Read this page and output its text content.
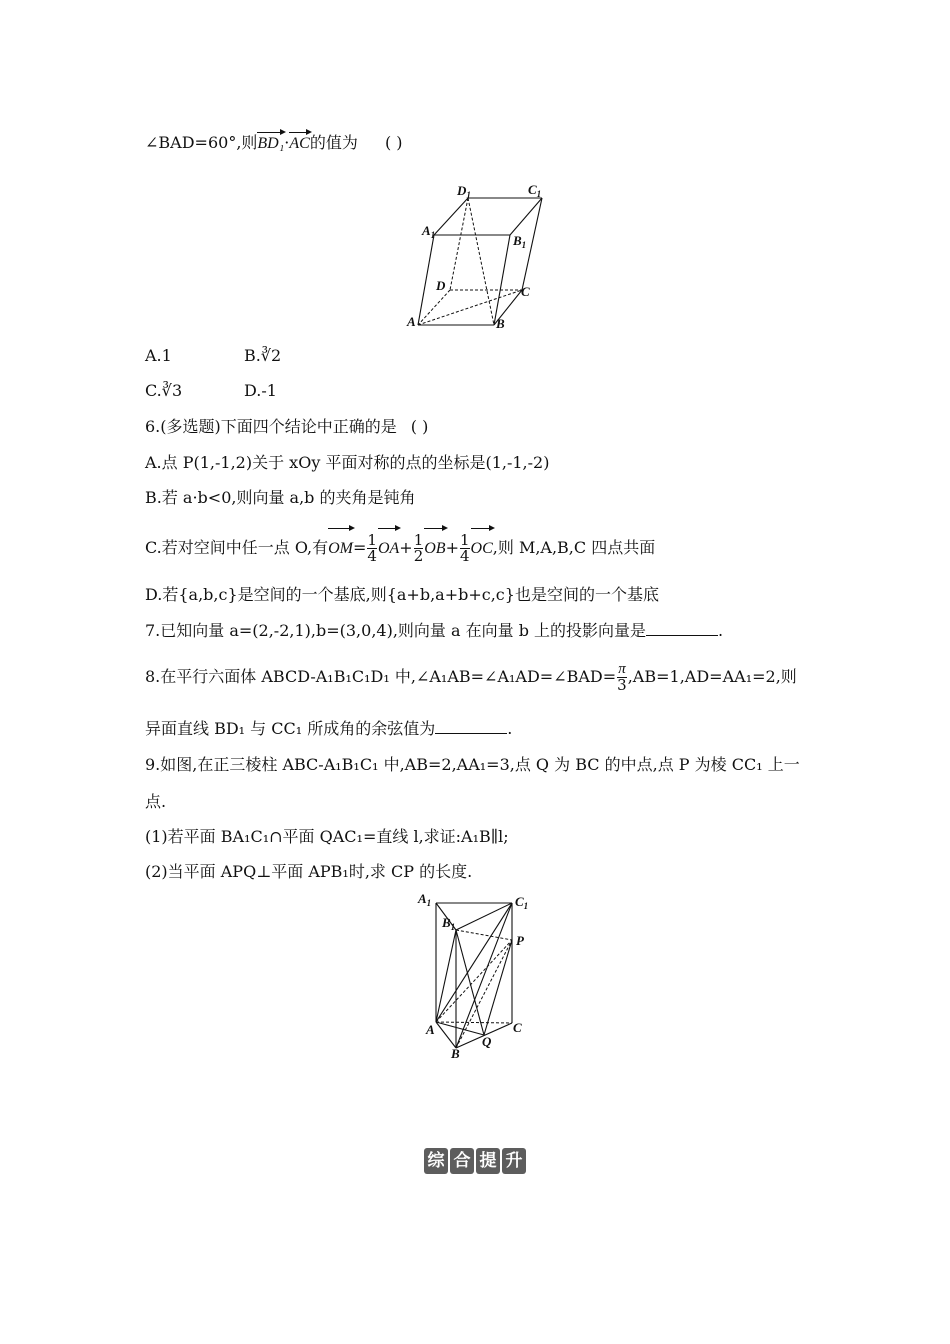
∠BAD=60°,则BD₁·AC的值为 ( )
$D_1$	$C_1$
$A_1$	$B_1$
D	C
A	B
A.1	B.∛2
C.∛3	D.-1
6.(多选题)下面四个结论中正确的是 ( )
A.点 P(1,-1,2)关于 xOy 平面对称的点的坐标是(1,-1,-2)
B.若 a·b<0,则向量 a,b 的夹角是钝角
C.若对空间中任一点 O,有$OM= \frac{1}{4} OA+ \frac{1}{2} OB+ \frac{1}{4}$ OC,则 M,A,B,C 四点共面
D.若{a,b,c}是空间的一个基底,则{a+b,a+b+c,c}也是空间的一个基底
7.已知向量 a=(2,-2,1),b=(3,0,4),则向量 a 在向量 b 上的投影向量是	.
8.在平行六面体 ABCD-A₁B₁C₁D₁ 中,∠A₁AB=∠A₁AD=∠BAD= $\frac{\pi}{3} ,AB=1,AD=AA_1=2$,则
异面直线 BD₁ 与 CC₁ 所成角的余弦值为	.
9.如图,在正三棱柱 ABC-A₁B₁C₁ 中,AB=2,AA₁=3,点 Q 为 BC 的中点,点 P 为棱 CC₁ 上一
点.
(1)若平面 BA₁C₁∩平面 QAC₁=直线 l,求证:A₁B∥l;
(2)当平面 APQ⊥平面 APB₁时,求 CP 的长度.
$A_1$	$C_1$
$B_1$
P
A	C
Q
B
综 合 提 升
